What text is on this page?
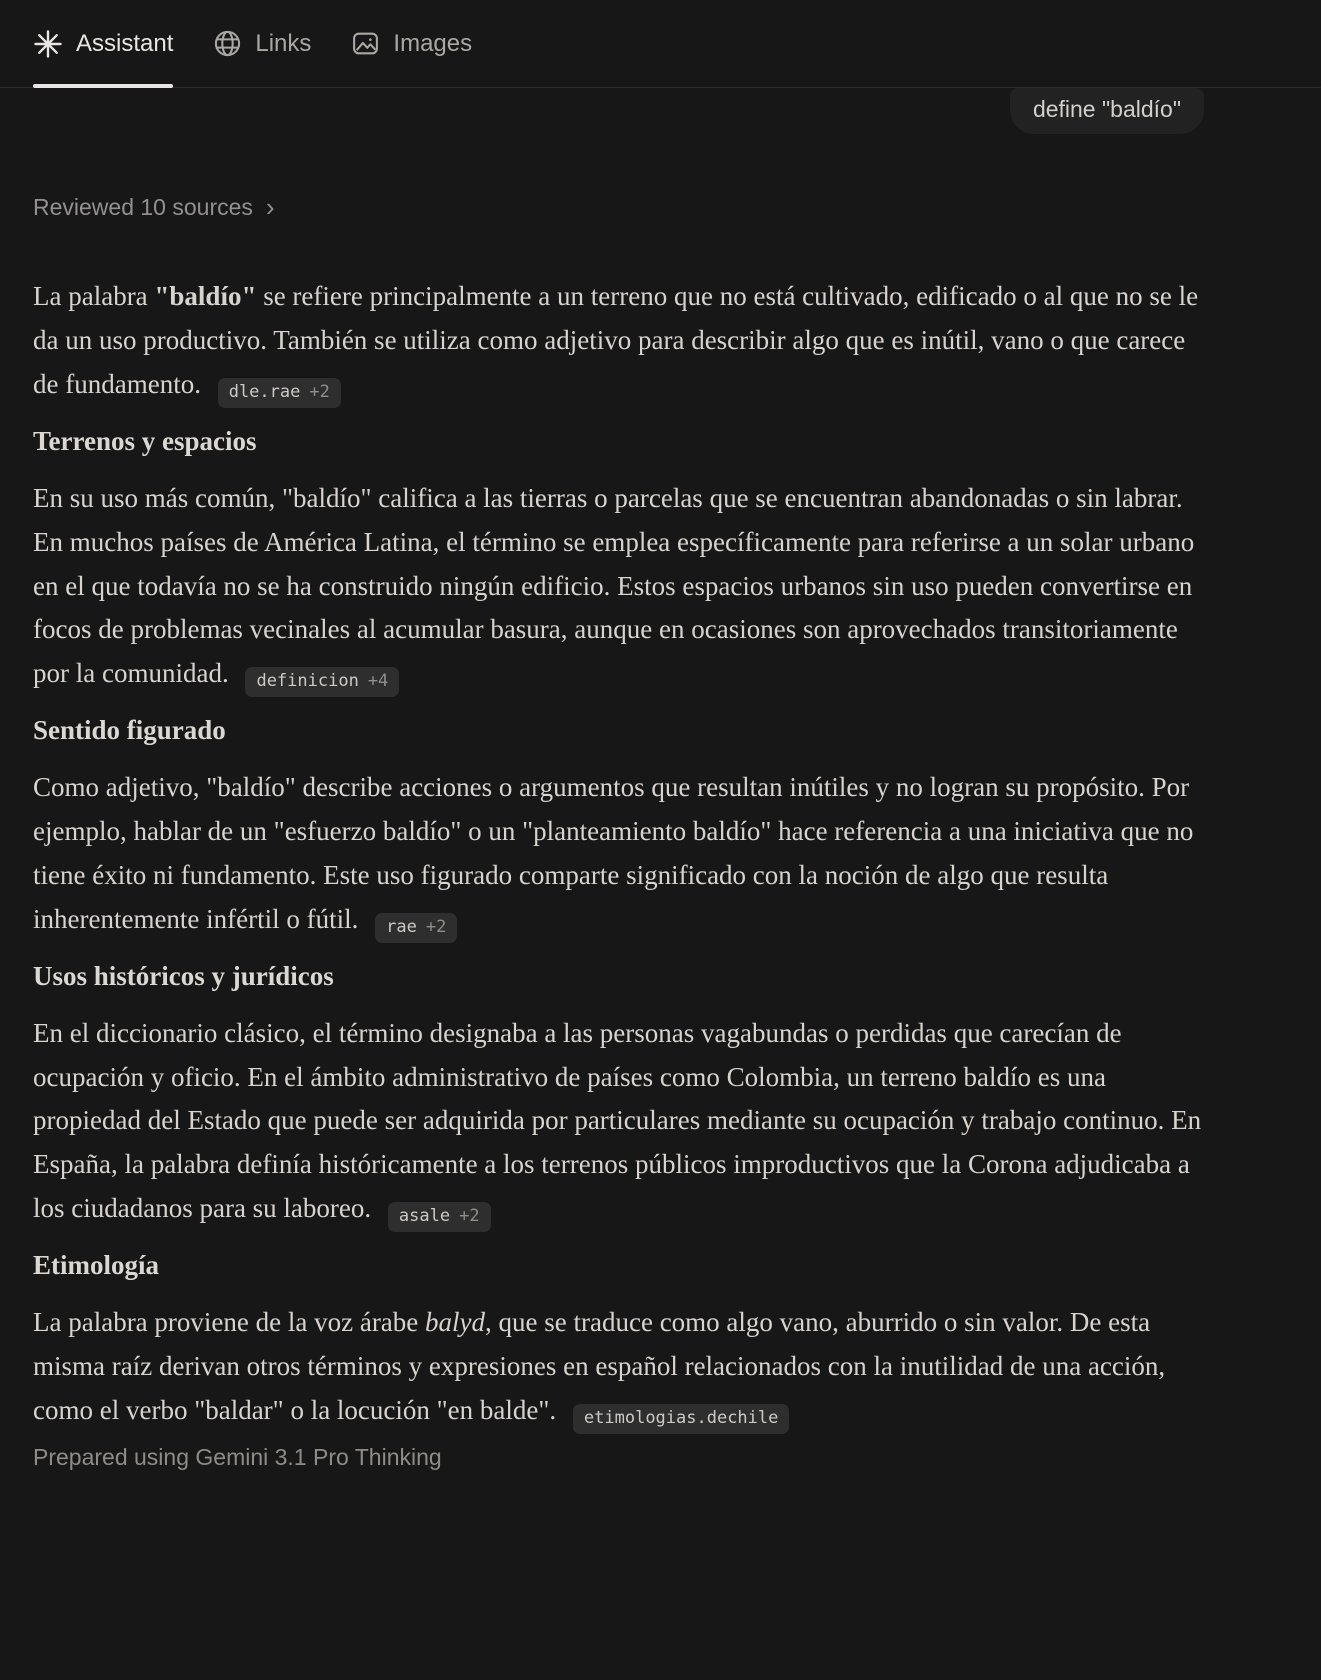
Assistant	Links	Images
define "baldío"
Reviewed 10 sources ›

La palabra "baldío" se refiere principalmente a un terreno que no está cultivado, edificado o al que no se le da un uso productivo. También se utiliza como adjetivo para describir algo que es inútil, vano o que carece de fundamento. dle.rae +2

Terrenos y espacios

En su uso más común, "baldío" califica a las tierras o parcelas que se encuentran abandonadas o sin labrar. En muchos países de América Latina, el término se emplea específicamente para referirse a un solar urbano en el que todavía no se ha construido ningún edificio. Estos espacios urbanos sin uso pueden convertirse en focos de problemas vecinales al acumular basura, aunque en ocasiones son aprovechados transitoriamente por la comunidad. definicion +4

Sentido figurado

Como adjetivo, "baldío" describe acciones o argumentos que resultan inútiles y no logran su propósito. Por ejemplo, hablar de un "esfuerzo baldío" o un "planteamiento baldío" hace referencia a una iniciativa que no tiene éxito ni fundamento. Este uso figurado comparte significado con la noción de algo que resulta inherentemente infértil o fútil. rae +2

Usos históricos y jurídicos

En el diccionario clásico, el término designaba a las personas vagabundas o perdidas que carecían de ocupación y oficio. En el ámbito administrativo de países como Colombia, un terreno baldío es una propiedad del Estado que puede ser adquirida por particulares mediante su ocupación y trabajo continuo. En España, la palabra definía históricamente a los terrenos públicos improductivos que la Corona adjudicaba a los ciudadanos para su laboreo. asale +2

Etimología

La palabra proviene de la voz árabe balyd, que se traduce como algo vano, aburrido o sin valor. De esta misma raíz derivan otros términos y expresiones en español relacionados con la inutilidad de una acción, como el verbo "baldar" o la locución "en balde". etimologias.dechile

Prepared using Gemini 3.1 Pro Thinking
